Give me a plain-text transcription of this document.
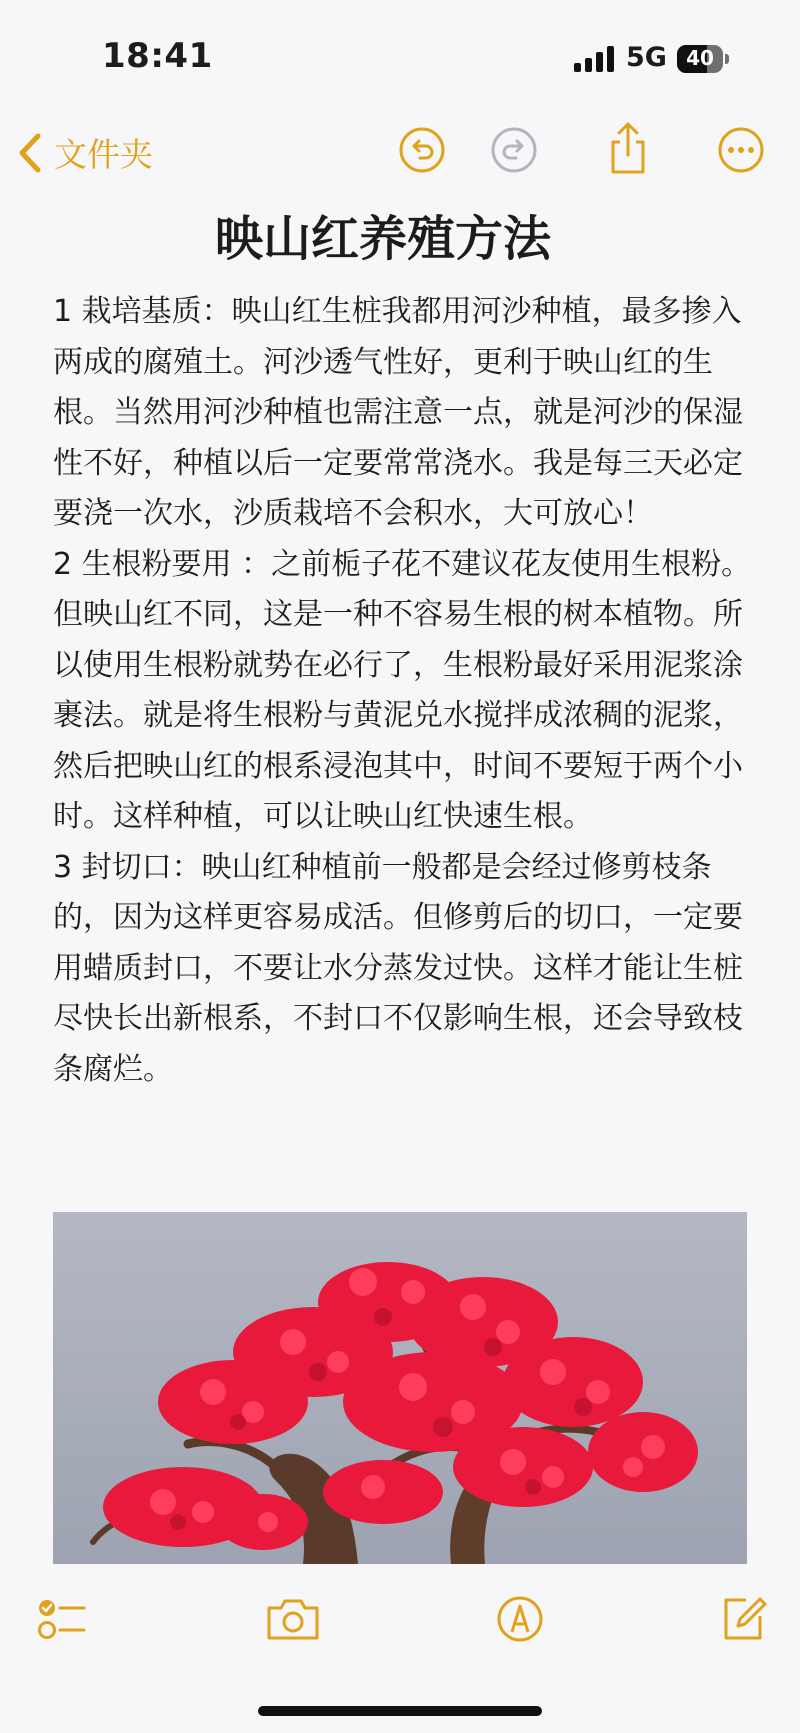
18:41	5G 40
文件夹
映山红养殖方法

1 栽培基质：映山红生桩我都用河沙种植，最多掺入两成的腐殖土。河沙透气性好，更利于映山红的生根。当然用河沙种植也需注意一点，就是河沙的保湿性不好，种植以后一定要常常浇水。我是每三天必定要浇一次水，沙质栽培不会积水，大可放心！

2 生根粉要用 ：之前栀子花不建议花友使用生根粉。但映山红不同，这是一种不容易生根的树本植物。所以使用生根粉就势在必行了，生根粉最好采用泥浆涂裹法。就是将生根粉与黄泥兑水搅拌成浓稠的泥浆，然后把映山红的根系浸泡其中，时间不要短于两个小时。这样种植，可以让映山红快速生根。

3 封切口：映山红种植前一般都是会经过修剪枝条的，因为这样更容易成活。但修剪后的切口，一定要用蜡质封口，不要让水分蒸发过快。这样才能让生桩尽快长出新根系，不封口不仅影响生根，还会导致枝条腐烂。
